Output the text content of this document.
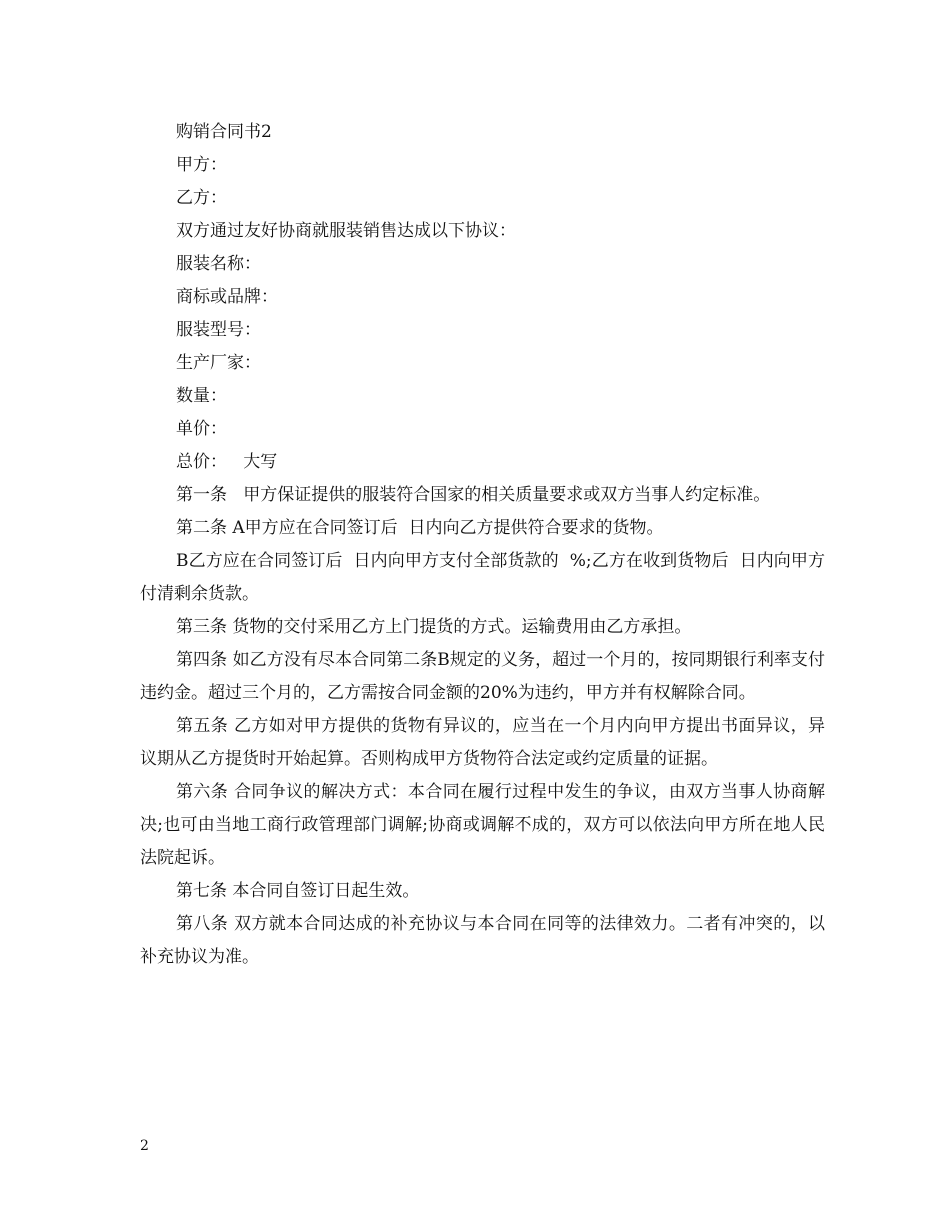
购销合同书2

甲方：

乙方：

双方通过友好协商就服装销售达成以下协议：

服装名称：

商标或品牌：

服装型号：

生产厂家：

数量：

单价：

总价：   大写

第一条   甲方保证提供的服装符合国家的相关质量要求或双方当事人约定标准。

第二条 A甲方应在合同签订后  日内向乙方提供符合要求的货物。

B乙方应在合同签订后  日内向甲方支付全部货款的  %;乙方在收到货物后  日内向甲方付清剩余货款。

第三条 货物的交付采用乙方上门提货的方式。运输费用由乙方承担。

第四条 如乙方没有尽本合同第二条B规定的义务，超过一个月的，按同期银行利率支付违约金。超过三个月的，乙方需按合同金额的20%为违约，甲方并有权解除合同。

第五条 乙方如对甲方提供的货物有异议的，应当在一个月内向甲方提出书面异议，异议期从乙方提货时开始起算。否则构成甲方货物符合法定或约定质量的证据。

第六条 合同争议的解决方式：本合同在履行过程中发生的争议，由双方当事人协商解决;也可由当地工商行政管理部门调解;协商或调解不成的，双方可以依法向甲方所在地人民法院起诉。

第七条 本合同自签订日起生效。

第八条 双方就本合同达成的补充协议与本合同在同等的法律效力。二者有冲突的，以补充协议为准。

2
